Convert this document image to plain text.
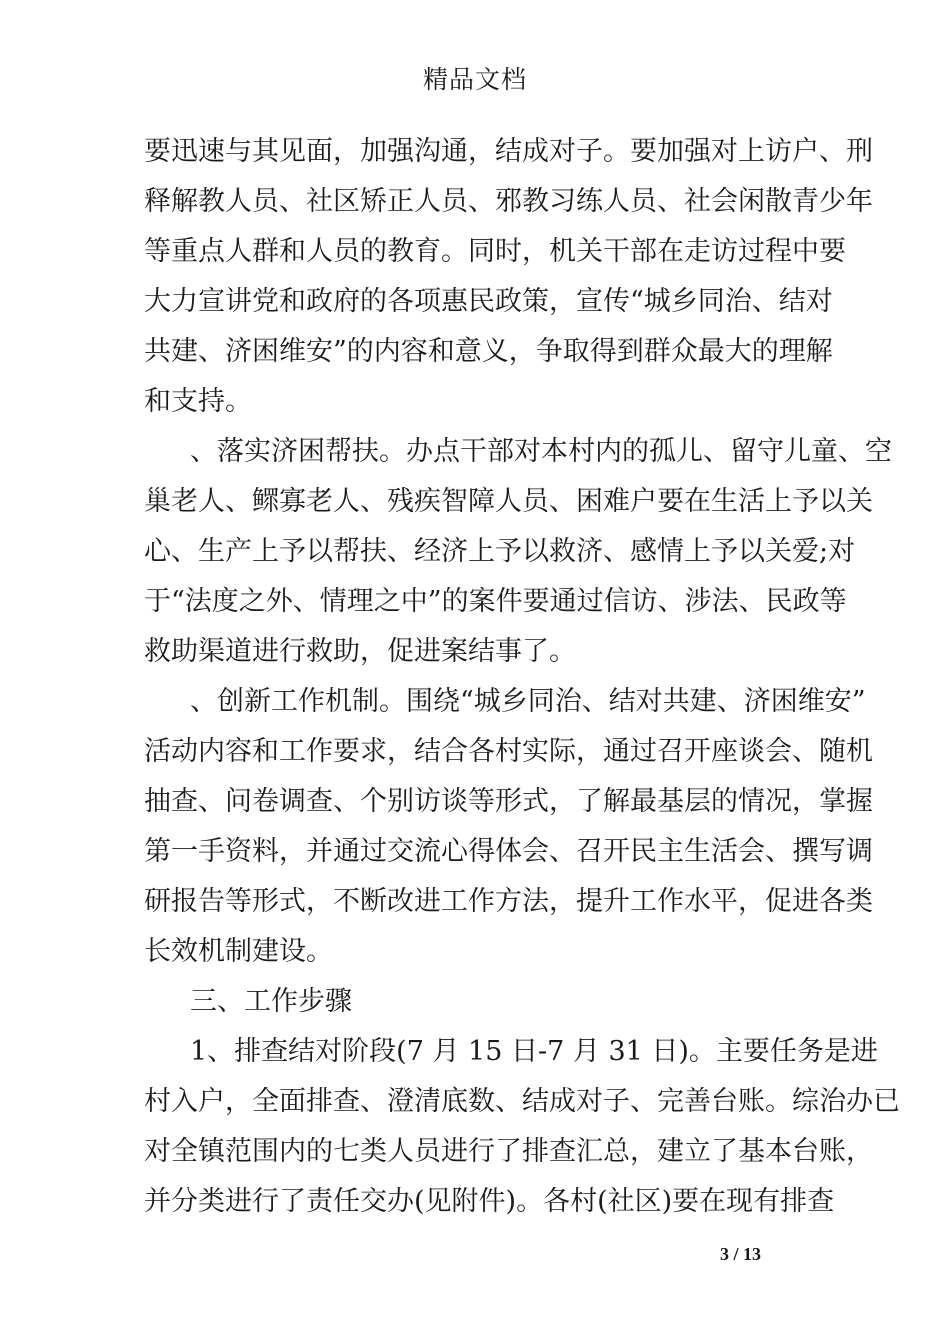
精品文档
要迅速与其见面，加强沟通，结成对子。要加强对上访户、刑
释解教人员、社区矫正人员、邪教习练人员、社会闲散青少年
等重点人群和人员的教育。同时，机关干部在走访过程中要
大力宣讲党和政府的各项惠民政策，宣传“城乡同治、结对
共建、济困维安”的内容和意义，争取得到群众最大的理解
和支持。
、落实济困帮扶。办点干部对本村内的孤儿、留守儿童、空
巢老人、鳏寡老人、残疾智障人员、困难户要在生活上予以关
心、生产上予以帮扶、经济上予以救济、感情上予以关爱;对
于“法度之外、情理之中”的案件要通过信访、涉法、民政等
救助渠道进行救助，促进案结事了。
、创新工作机制。围绕“城乡同治、结对共建、济困维安”
活动内容和工作要求，结合各村实际，通过召开座谈会、随机
抽查、问卷调查、个别访谈等形式，了解最基层的情况，掌握
第一手资料，并通过交流心得体会、召开民主生活会、撰写调
研报告等形式，不断改进工作方法，提升工作水平，促进各类
长效机制建设。
三、工作步骤
1、排查结对阶段(7 月 15 日-7 月 31 日)。主要任务是进
村入户，全面排查、澄清底数、结成对子、完善台账。综治办已
对全镇范围内的七类人员进行了排查汇总，建立了基本台账，
并分类进行了责任交办(见附件)。各村(社区)要在现有排查
3 / 13
